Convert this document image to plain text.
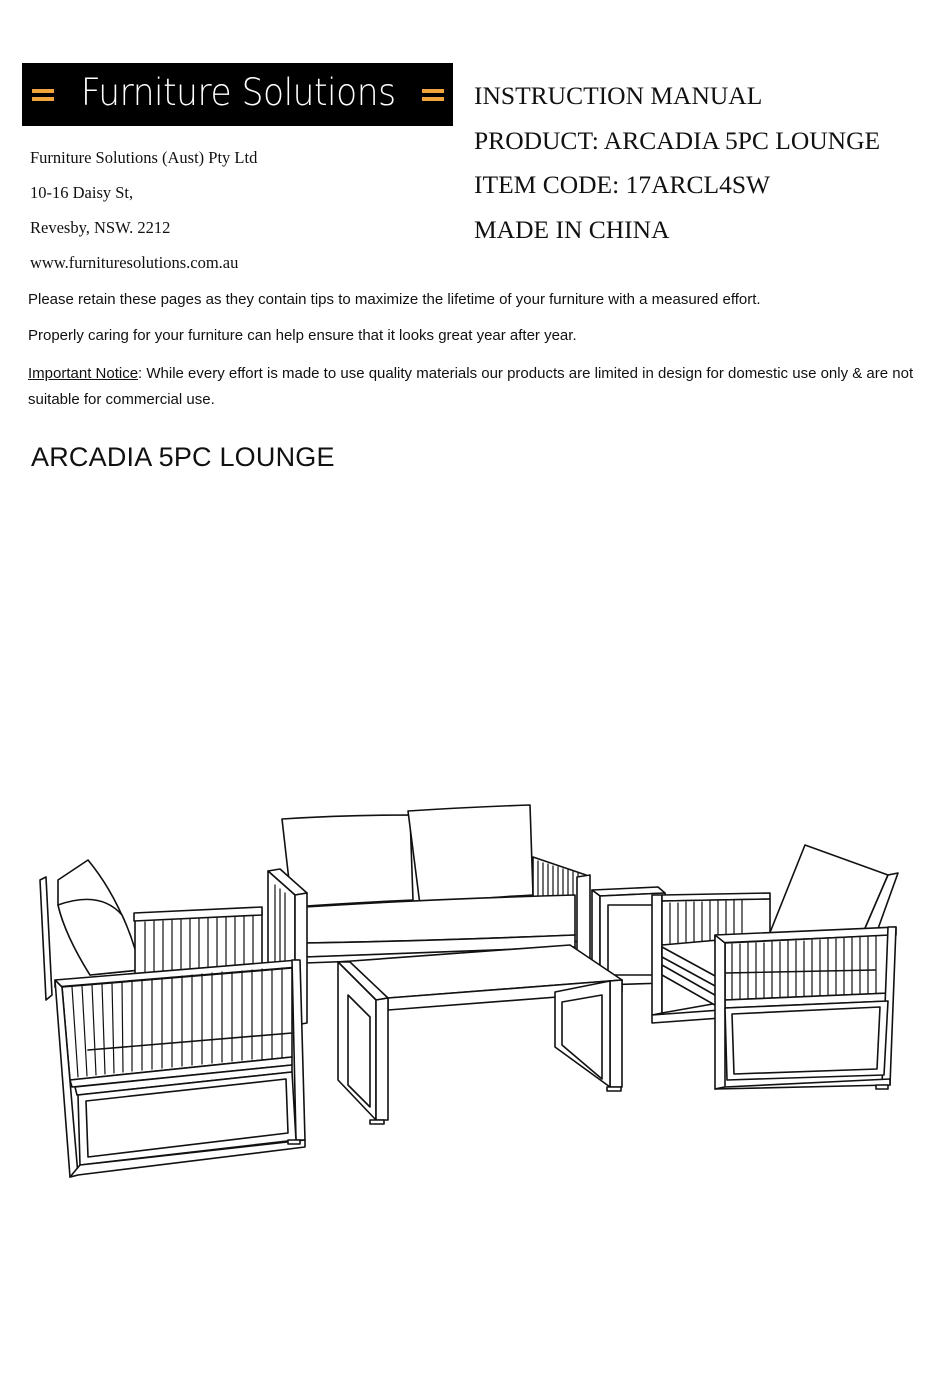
Furniture Solutions
Furniture Solutions (Aust) Pty Ltd
10-16 Daisy St,
Revesby, NSW. 2212
www.furnituresolutions.com.au
INSTRUCTION MANUAL
PRODUCT: ARCADIA 5PC LOUNGE
ITEM CODE: 17ARCL4SW
MADE IN CHINA

Please retain these pages as they contain tips to maximize the lifetime of your furniture with a measured effort.

Properly caring for your furniture can help ensure that it looks great year after year.

Important Notice: While every effort is made to use quality materials our products are limited in design for domestic use only & are not suitable for commercial use.

ARCADIA 5PC LOUNGE
